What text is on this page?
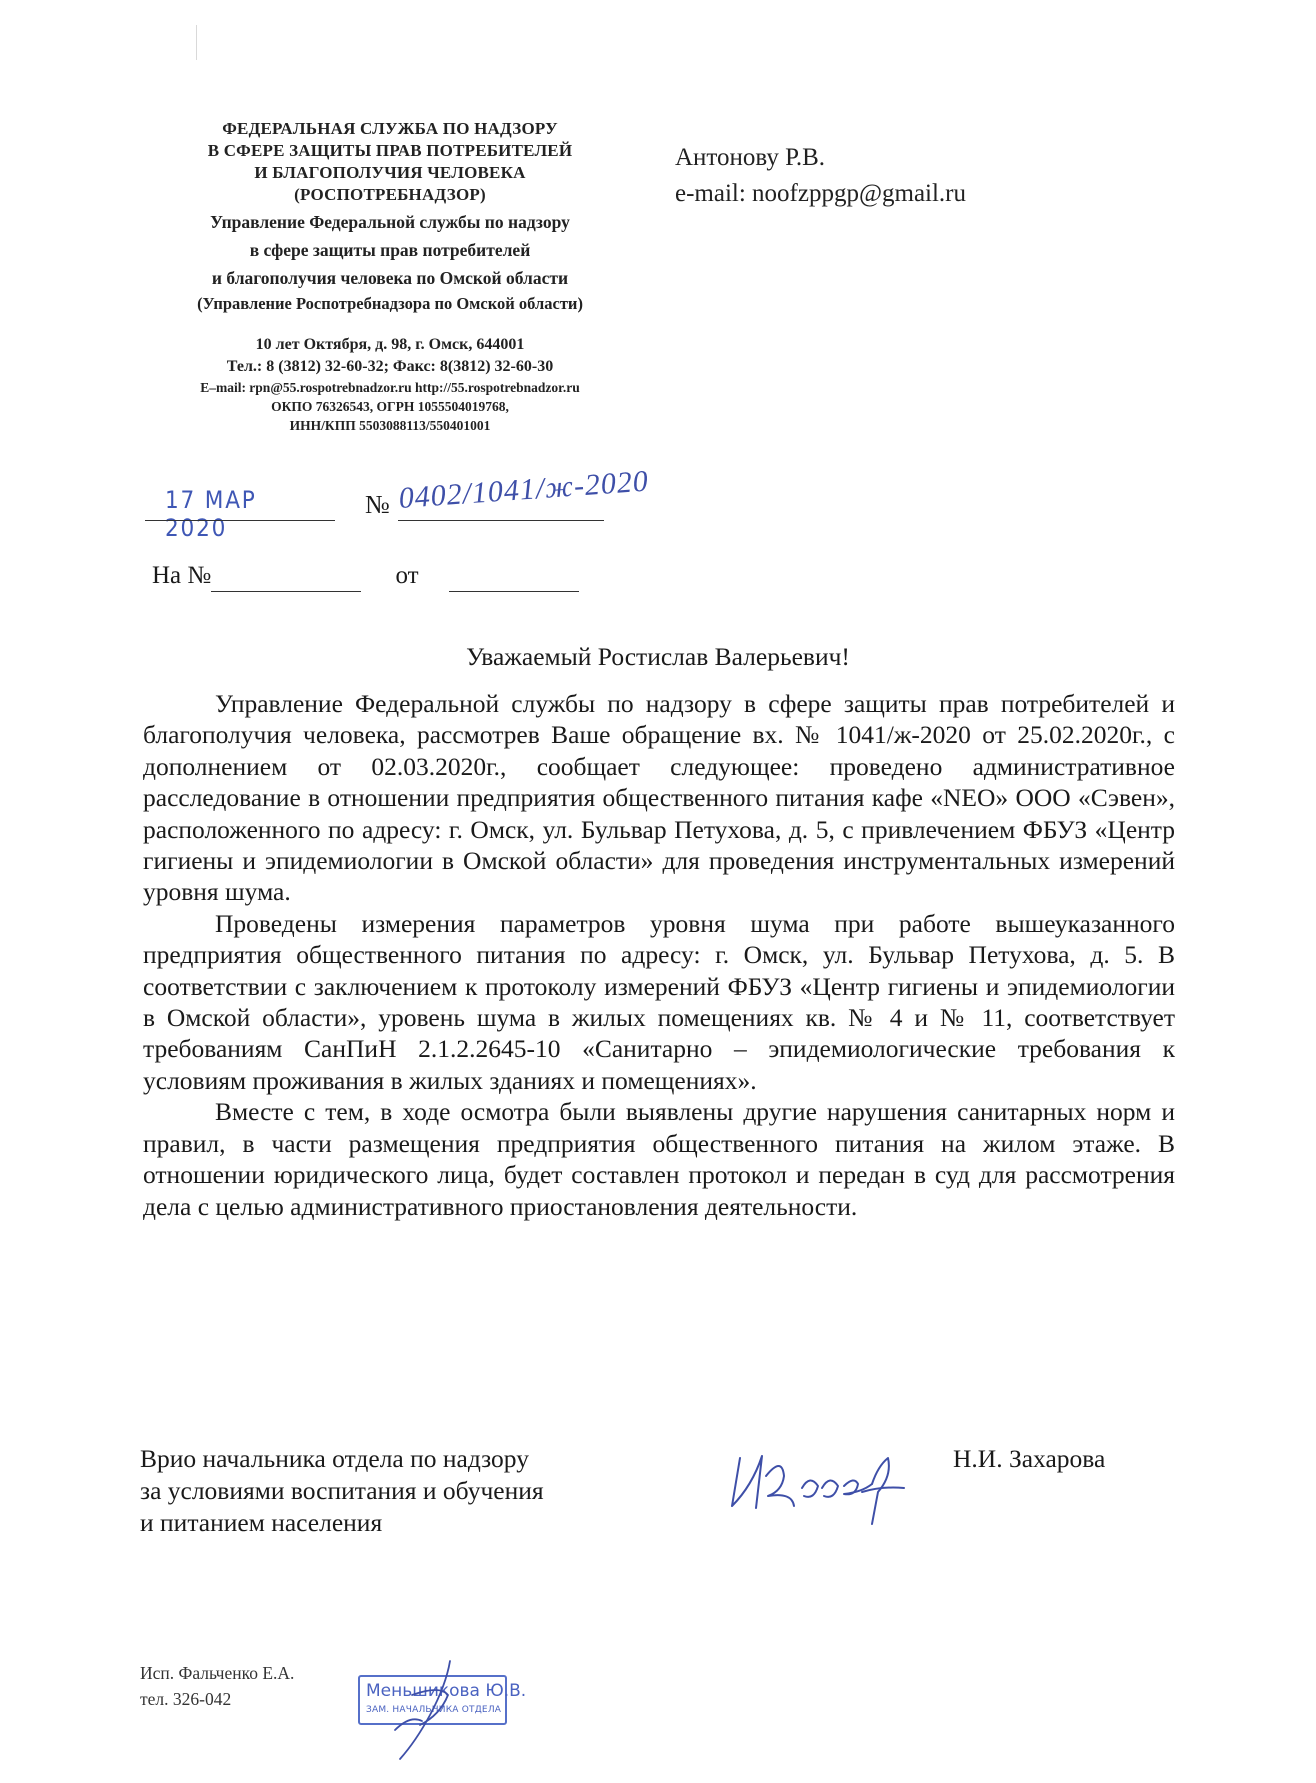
ФЕДЕРАЛЬНАЯ СЛУЖБА ПО НАДЗОРУ
В СФЕРЕ ЗАЩИТЫ ПРАВ ПОТРЕБИТЕЛЕЙ
И БЛАГОПОЛУЧИЯ ЧЕЛОВЕКА
(РОСПОТРЕБНАДЗОР)
Управление Федеральной службы по надзору
в сфере защиты прав потребителей
и благополучия человека по Омской области
(Управление Роспотребнадзора по Омской области)
10 лет Октября, д. 98, г. Омск, 644001
Тел.: 8 (3812) 32-60-32; Факс: 8(3812) 32-60-30
E–mail: rpn@55.rospotrebnadzor.ru http://55.rospotrebnadzor.ru
ОКПО 76326543, ОГРН 1055504019768,
ИНН/КПП 5503088113/550401001
Антонову Р.В.
e-mail: noofzppgp@gmail.ru
17 МАР 2020
№ 0402/1041/ж-2020
На №	от
Уважаемый Ростислав Валерьевич!

Управление Федеральной службы по надзору в сфере защиты прав потребителей и благополучия человека, рассмотрев Ваше обращение вх. № 1041/ж-2020 от 25.02.2020г., с дополнением от 02.03.2020г., сообщает следующее: проведено административное расследование в отношении предприятия общественного питания кафе «NEO» ООО «Сэвен», расположенного по адресу: г. Омск, ул. Бульвар Петухова, д. 5, с привлечением ФБУЗ «Центр гигиены и эпидемиологии в Омской области» для проведения инструментальных измерений уровня шума.

Проведены измерения параметров уровня шума при работе вышеуказанного предприятия общественного питания по адресу: г. Омск, ул. Бульвар Петухова, д. 5. В соответствии с заключением к протоколу измерений ФБУЗ «Центр гигиены и эпидемиологии в Омской области», уровень шума в жилых помещениях кв. № 4 и № 11, соответствует требованиям СанПиН 2.1.2.2645-10 «Санитарно – эпидемиологические требования к условиям проживания в жилых зданиях и помещениях».

Вместе с тем, в ходе осмотра были выявлены другие нарушения санитарных норм и правил, в части размещения предприятия общественного питания на жилом этаже. В отношении юридического лица, будет составлен протокол и передан в суд для рассмотрения дела с целью административного приостановления деятельности.

Врио начальника отдела по надзору
за условиями воспитания и обучения
и питанием населения
Н.И. Захарова
Исп. Фальченко Е.А.
тел. 326-042	Меньшикова Ю.В.
ЗАМ. НАЧАЛЬНИКА ОТДЕЛА
